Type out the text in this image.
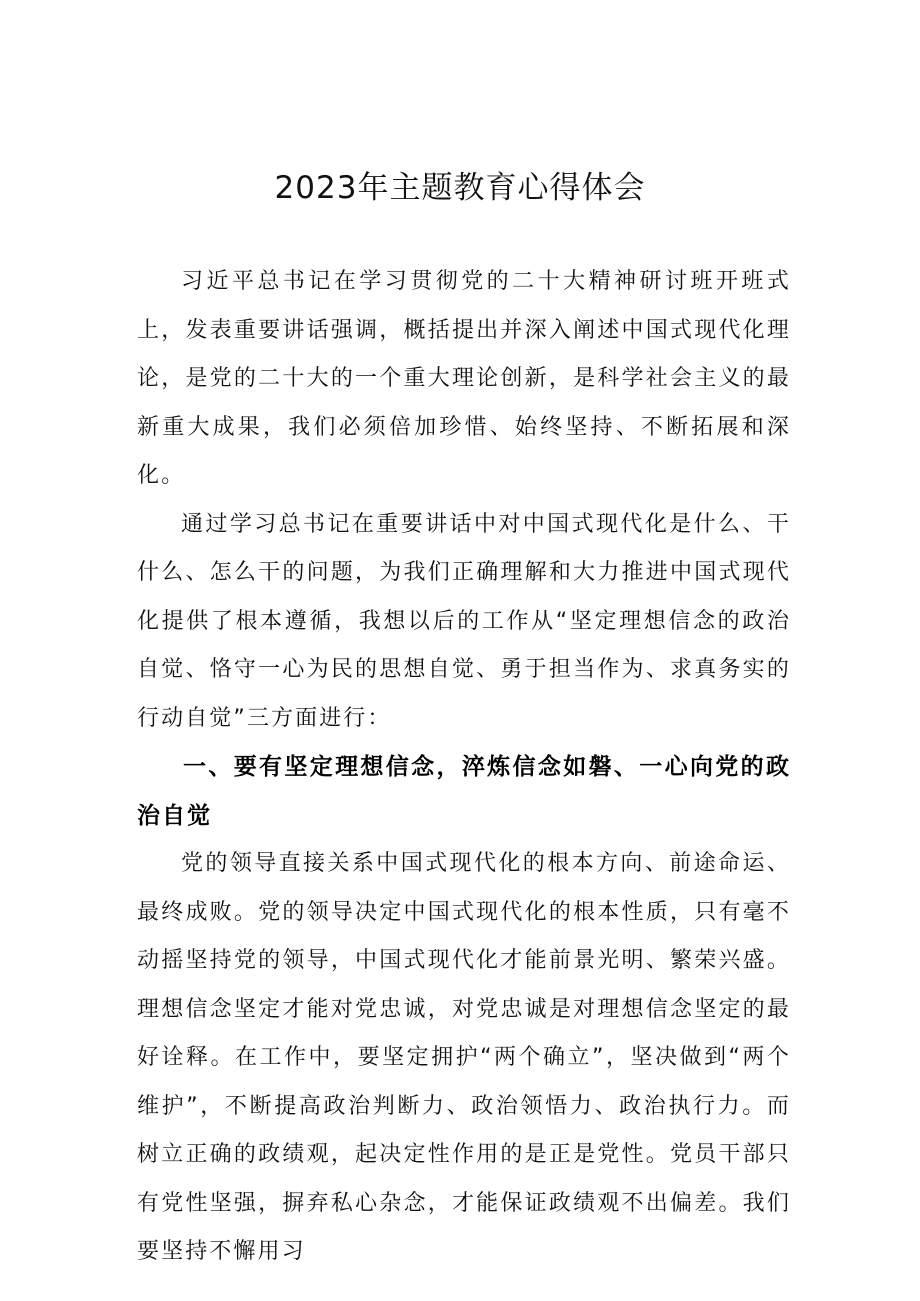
2023年主题教育心得体会

习近平总书记在学习贯彻党的二十大精神研讨班开班式上，发表重要讲话强调，概括提出并深入阐述中国式现代化理论，是党的二十大的一个重大理论创新，是科学社会主义的最新重大成果，我们必须倍加珍惜、始终坚持、不断拓展和深化。

通过学习总书记在重要讲话中对中国式现代化是什么、干什么、怎么干的问题，为我们正确理解和大力推进中国式现代化提供了根本遵循，我想以后的工作从“坚定理想信念的政治自觉、恪守一心为民的思想自觉、勇于担当作为、求真务实的行动自觉”三方面进行：

一、要有坚定理想信念，淬炼信念如磐、一心向党的政治自觉

党的领导直接关系中国式现代化的根本方向、前途命运、最终成败。党的领导决定中国式现代化的根本性质，只有毫不动摇坚持党的领导，中国式现代化才能前景光明、繁荣兴盛。理想信念坚定才能对党忠诚，对党忠诚是对理想信念坚定的最好诠释。在工作中，要坚定拥护“两个确立”，坚决做到“两个维护”，不断提高政治判断力、政治领悟力、政治执行力。而树立正确的政绩观，起决定性作用的是正是党性。党员干部只有党性坚强，摒弃私心杂念，才能保证政绩观不出偏差。我们要坚持不懈用习
